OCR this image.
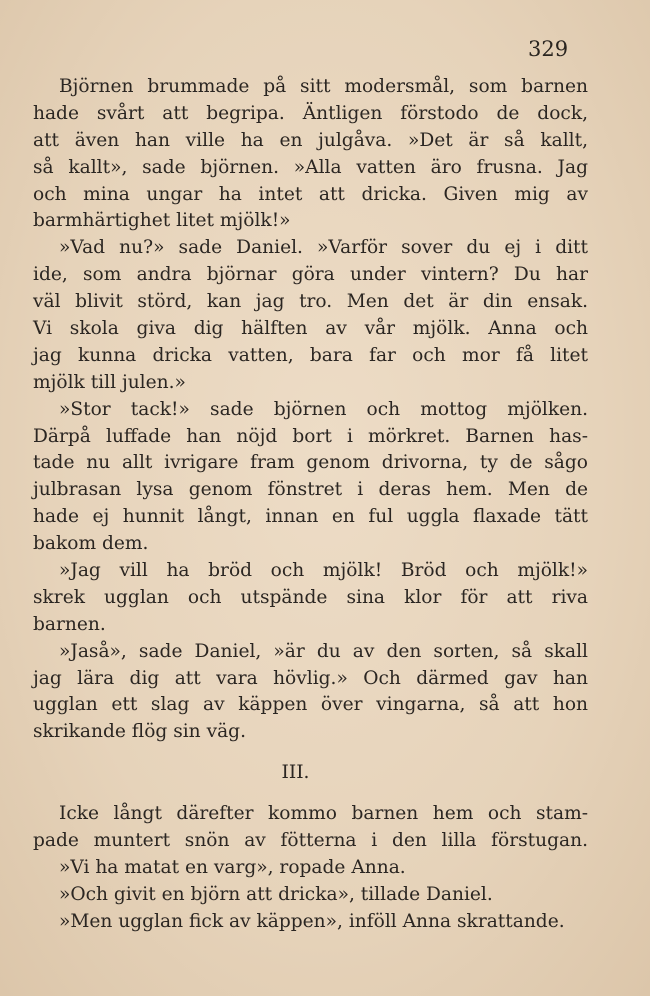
329
Björnen brummade på sitt modersmål, som barnen
hade svårt att begripa. Äntligen förstodo de dock,
att även han ville ha en julgåva. »Det är så kallt,
så kallt», sade björnen. »Alla vatten äro frusna. Jag
och mina ungar ha intet att dricka. Given mig av
barmhärtighet litet mjölk!»
»Vad nu?» sade Daniel. »Varför sover du ej i ditt
ide, som andra björnar göra under vintern? Du har
väl blivit störd, kan jag tro. Men det är din ensak.
Vi skola giva dig hälften av vår mjölk. Anna och
jag kunna dricka vatten, bara far och mor få litet
mjölk till julen.»
»Stor tack!» sade björnen och mottog mjölken.
Därpå luffade han nöjd bort i mörkret. Barnen has-
tade nu allt ivrigare fram genom drivorna, ty de sågo
julbrasan lysa genom fönstret i deras hem. Men de
hade ej hunnit långt, innan en ful uggla flaxade tätt
bakom dem.
»Jag vill ha bröd och mjölk! Bröd och mjölk!»
skrek ugglan och utspände sina klor för att riva
barnen.
»Jaså», sade Daniel, »är du av den sorten, så skall
jag lära dig att vara hövlig.» Och därmed gav han
ugglan ett slag av käppen över vingarna, så att hon
skrikande flög sin väg.
III.
Icke långt därefter kommo barnen hem och stam-
pade muntert snön av fötterna i den lilla förstugan.
»Vi ha matat en varg», ropade Anna.
»Och givit en björn att dricka», tillade Daniel.
»Men ugglan fick av käppen», inföll Anna skrattande.
